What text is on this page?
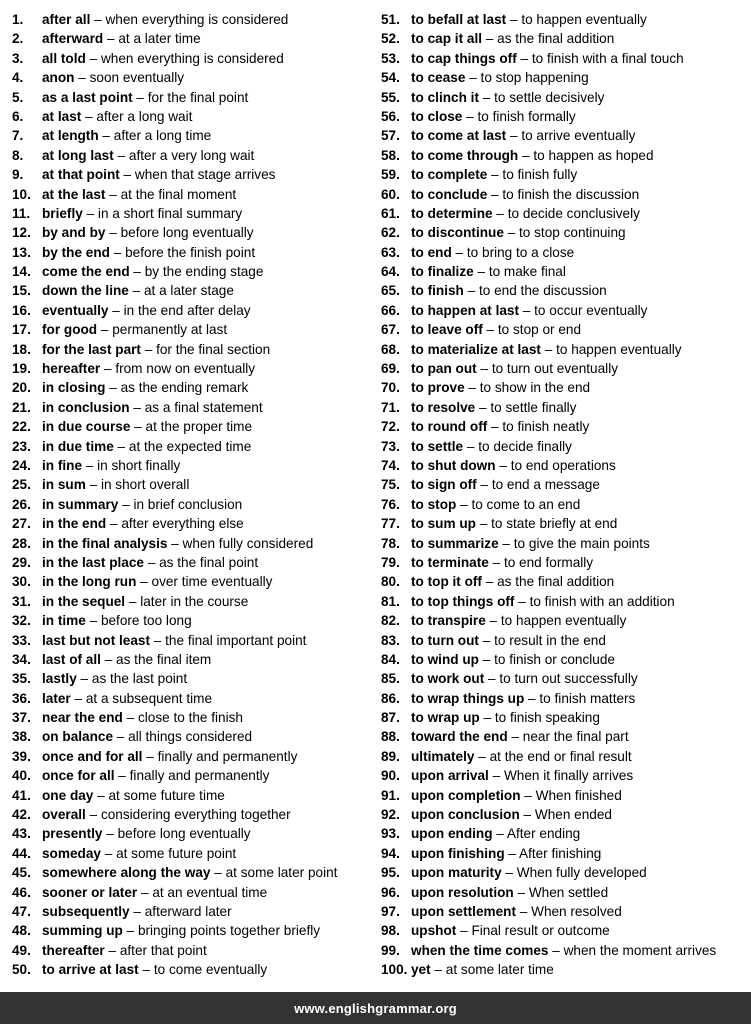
1.	after all – when everything is considered
2.	afterward – at a later time
3.	all told – when everything is considered
4.	anon – soon eventually
5.	as a last point – for the final point
6.	at last – after a long wait
7.	at length – after a long time
8.	at long last – after a very long wait
9.	at that point – when that stage arrives
10. at the last – at the final moment
11. briefly – in a short final summary
12. by and by – before long eventually
13. by the end – before the finish point
14. come the end – by the ending stage
15. down the line – at a later stage
16. eventually – in the end after delay
17. for good – permanently at last
18. for the last part – for the final section
19. hereafter – from now on eventually
20. in closing – as the ending remark
21. in conclusion – as a final statement
22. in due course – at the proper time
23. in due time – at the expected time
24. in fine – in short finally
25. in sum – in short overall
26. in summary – in brief conclusion
27. in the end – after everything else
28. in the final analysis – when fully considered
29. in the last place – as the final point
30. in the long run – over time eventually
31. in the sequel – later in the course
32. in time – before too long
33. last but not least – the final important point
34. last of all – as the final item
35. lastly – as the last point
36. later – at a subsequent time
37. near the end – close to the finish
38. on balance – all things considered
39. once and for all – finally and permanently
40. once for all – finally and permanently
41. one day – at some future time
42. overall – considering everything together
43. presently – before long eventually
44. someday – at some future point
45. somewhere along the way – at some later point
46. sooner or later – at an eventual time
47. subsequently – afterward later
48. summing up – bringing points together briefly
49. thereafter – after that point
50. to arrive at last – to come eventually
51. to befall at last – to happen eventually
52. to cap it all – as the final addition
53. to cap things off – to finish with a final touch
54. to cease – to stop happening
55. to clinch it – to settle decisively
56. to close – to finish formally
57. to come at last – to arrive eventually
58. to come through – to happen as hoped
59. to complete – to finish fully
60. to conclude – to finish the discussion
61. to determine – to decide conclusively
62. to discontinue – to stop continuing
63. to end – to bring to a close
64. to finalize – to make final
65. to finish – to end the discussion
66. to happen at last – to occur eventually
67. to leave off – to stop or end
68. to materialize at last – to happen eventually
69. to pan out – to turn out eventually
70. to prove – to show in the end
71. to resolve – to settle finally
72. to round off – to finish neatly
73. to settle – to decide finally
74. to shut down – to end operations
75. to sign off – to end a message
76. to stop – to come to an end
77. to sum up – to state briefly at end
78. to summarize – to give the main points
79. to terminate – to end formally
80. to top it off – as the final addition
81. to top things off – to finish with an addition
82. to transpire – to happen eventually
83. to turn out – to result in the end
84. to wind up – to finish or conclude
85. to work out – to turn out successfully
86. to wrap things up – to finish matters
87. to wrap up – to finish speaking
88. toward the end – near the final part
89. ultimately – at the end or final result
90. upon arrival – When it finally arrives
91. upon completion – When finished
92. upon conclusion – When ended
93. upon ending – After ending
94. upon finishing – After finishing
95. upon maturity – When fully developed
96. upon resolution – When settled
97. upon settlement – When resolved
98. upshot – Final result or outcome
99. when the time comes – when the moment arrives
100. yet – at some later time
www.englishgrammar.org
